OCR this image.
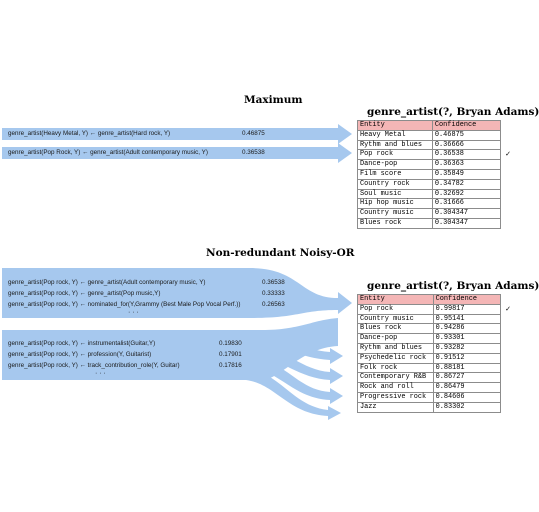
Maximum
genre_artist(Heavy Metal, Y) ← genre_artist(Hard rock, Y)	0.46875
genre_artist(Pop Rock, Y) ← genre_artist(Adult contemporary music, Y)	0.36538
genre_artist(?, Bryan Adams)
Entity	Confidence	
Heavy Metal	0.46875	
Rythm and blues	0.36666	
Pop rock	0.36538	✓
Dance-pop	0.36363	
Film score	0.35849	
Country rock	0.34782	
Soul music	0.32692	
Hip hop music	0.31666	
Country music	0.304347	
Blues rock	0.304347	
Non-redundant Noisy-OR
genre_artist(Pop rock, Y) ← genre_artist(Adult contemporary music, Y)	0.36538
genre_artist(Pop rock, Y) ← genre_artist(Pop music,Y)	0.33333
genre_artist(Pop rock, Y) ← nominated_for(Y,Grammy (Best Male Pop Vocal Perf.))	0.26563
· · ·
genre_artist(Pop rock, Y) ← instrumentalist(Guitar,Y)	0.19830
genre_artist(Pop rock, Y) ← profession(Y, Guitarist)	0.17901
genre_artist(Pop rock, Y) ← track_contribution_role(Y, Guitar)	0.17816
· · ·
genre_artist(?, Bryan Adams)
Entity	Confidence	
Pop rock	0.99817	✓
Country music	0.95141	
Blues rock	0.94286	
Dance-pop	0.93301	
Rythm and blues	0.93282	
Psychedelic rock	0.91512	
Folk rock	0.88181	
Contemporary R&B	0.86727	
Rock and roll	0.86479	
Progressive rock	0.84606	
Jazz	0.83302	
